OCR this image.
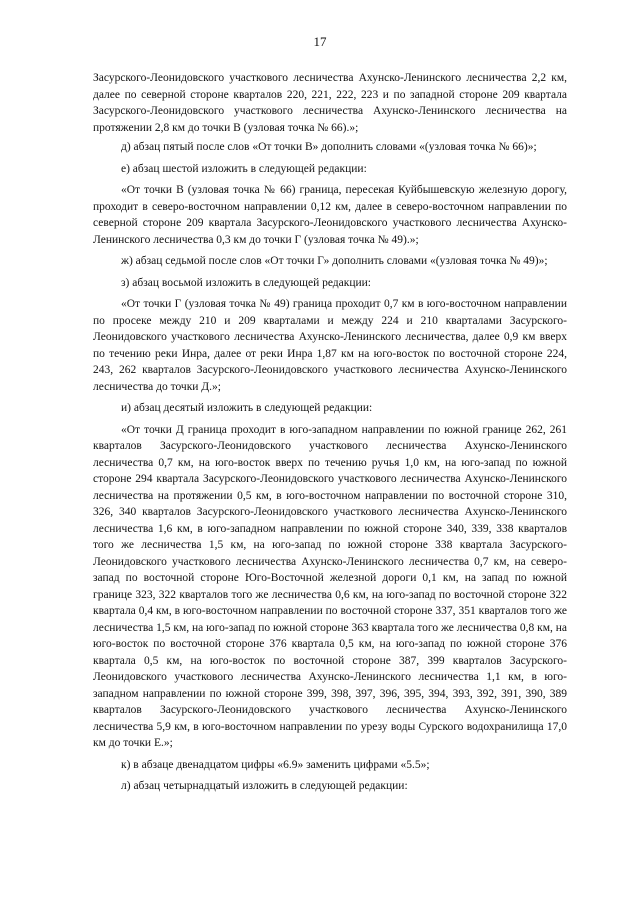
17

Засурского-Леонидовского участкового лесничества Ахунско-Ленинского лесничества 2,2 км, далее по северной стороне кварталов 220, 221, 222, 223 и по западной стороне 209 квартала Засурского-Леонидовского участкового лесничества Ахунско-Ленинского лесничества на протяжении 2,8 км до точки В (узловая точка № 66).»;

д) абзац пятый после слов «От точки В» дополнить словами «(узловая точка № 66)»;

е) абзац шестой изложить в следующей редакции:

«От точки В (узловая точка № 66) граница, пересекая Куйбышевскую железную дорогу, проходит в северо-восточном направлении 0,12 км, далее в северо-восточном направлении по северной стороне 209 квартала Засурского-Леонидовского участкового лесничества Ахунско-Ленинского лесничества 0,3 км до точки Г (узловая точка № 49).»;

ж) абзац седьмой после слов «От точки Г» дополнить словами «(узловая точка № 49)»;

з) абзац восьмой изложить в следующей редакции:

«От точки Г (узловая точка № 49) граница проходит 0,7 км в юго-восточном направлении по просеке между 210 и 209 кварталами и между 224 и 210 кварталами Засурского-Леонидовского участкового лесничества Ахунско-Ленинского лесничества, далее 0,9 км вверх по течению реки Инра, далее от реки Инра 1,87 км на юго-восток по восточной стороне 224, 243, 262 кварталов Засурского-Леонидовского участкового лесничества Ахунско-Ленинского лесничества до точки Д.»;

и) абзац десятый изложить в следующей редакции:

«От точки Д граница проходит в юго-западном направлении по южной границе 262, 261 кварталов Засурского-Леонидовского участкового лесничества Ахунско-Ленинского лесничества 0,7 км, на юго-восток вверх по течению ручья 1,0 км, на юго-запад по южной стороне 294 квартала Засурского-Леонидовского участкового лесничества Ахунско-Ленинского лесничества на протяжении 0,5 км, в юго-восточном направлении по восточной стороне 310, 326, 340 кварталов Засурского-Леонидовского участкового лесничества Ахунско-Ленинского лесничества 1,6 км, в юго-западном направлении по южной стороне 340, 339, 338 кварталов того же лесничества 1,5 км, на юго-запад по южной стороне 338 квартала Засурского-Леонидовского участкового лесничества Ахунско-Ленинского лесничества 0,7 км, на северо-запад по восточной стороне Юго-Восточной железной дороги 0,1 км, на запад по южной границе 323, 322 кварталов того же лесничества 0,6 км, на юго-запад по восточной стороне 322 квартала 0,4 км, в юго-восточном направлении по восточной стороне 337, 351 кварталов того же лесничества 1,5 км, на юго-запад по южной стороне 363 квартала того же лесничества 0,8 км, на юго-восток по восточной стороне 376 квартала 0,5 км, на юго-запад по южной стороне 376 квартала 0,5 км, на юго-восток по восточной стороне 387, 399 кварталов Засурского-Леонидовского участкового лесничества Ахунско-Ленинского лесничества 1,1 км, в юго-западном направлении по южной стороне 399, 398, 397, 396, 395, 394, 393, 392, 391, 390, 389 кварталов Засурского-Леонидовского участкового лесничества Ахунско-Ленинского лесничества 5,9 км, в юго-восточном направлении по урезу воды Сурского водохранилища 17,0 км до точки Е.»;

к) в абзаце двенадцатом цифры «6.9» заменить цифрами «5.5»;

л) абзац четырнадцатый изложить в следующей редакции:
